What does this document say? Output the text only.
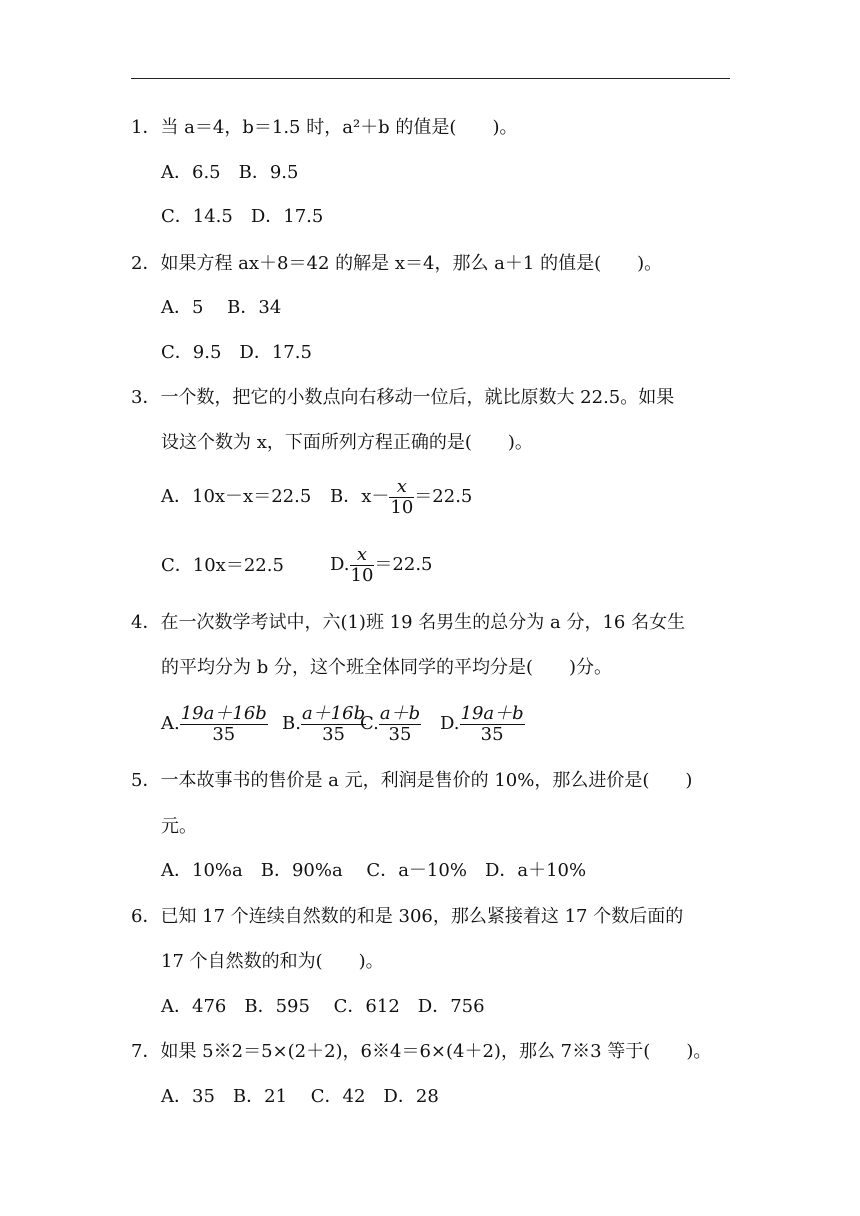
1．当 a＝4，b＝1.5 时，a²＋b 的值是(　　)。
A．6.5　B．9.5
C．14.5　D．17.5
2．如果方程 ax＋8＝42 的解是 x＝4，那么 a＋1 的值是(　　)。
A．5　 B．34
C．9.5　D．17.5
3．一个数，把它的小数点向右移动一位后，就比原数大 22.5。如果
设这个数为 x，下面所列方程正确的是(　　)。
A．10x－x＝22.5 B．$x- \frac{x}{10} =22.5$
C．10x＝22.5	D. $\frac{x}{10} =22.5$
4．在一次数学考试中，六(1)班 19 名男生的总分为 a 分，16 名女生
的平均分为 b 分，这个班全体同学的平均分是(　　)分。
A. $\frac{19a+16b}{35} B$. $\frac{a+16b}{35}$
C. $\frac{a+b}{35} D$. $\frac{19a+b}{35}$
5．一本故事书的售价是 a 元，利润是售价的 10%，那么进价是(　　)
元。
A．10%a　B．90%a　 C．a－10%　D．a＋10%
6．已知 17 个连续自然数的和是 306，那么紧接着这 17 个数后面的
17 个自然数的和为(　　)。
A．476　B．595　 C．612　D．756
7．如果 5※2＝5×(2＋2)，6※4＝6×(4＋2)，那么 7※3 等于(　　)。
A．35　B．21　 C．42　D．28
